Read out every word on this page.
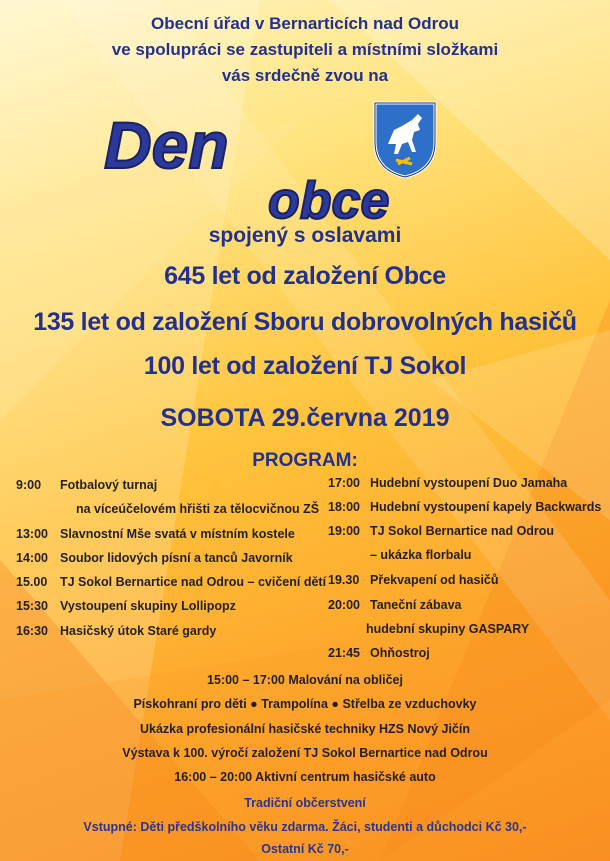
Obecní úřad v Bernarticích nad Odrou
ve spolupráci se zastupiteli a místními složkami
vás srdečně zvou na
Den
obce
spojený s oslavami
645 let od založení Obce
135 let od založení Sboru dobrovolných hasičů
100 let od založení TJ Sokol
SOBOTA 29.června 2019
PROGRAM:
9:00 Fotbalový turnaj
na víceúčelovém hřišti za tělocvičnou ZŠ
13:00 Slavnostní Mše svatá v místním kostele
14:00 Soubor lidových písní a tanců Javorník
15.00 TJ Sokol Bernartice nad Odrou – cvičení dětí
15:30 Vystoupení skupiny Lollipopz
16:30 Hasičský útok Staré gardy
17:00 Hudební vystoupení Duo Jamaha
18:00 Hudební vystoupení kapely Backwards
19:00 TJ Sokol Bernartice nad Odrou
– ukázka florbalu
19.30 Překvapení od hasičů
20:00 Taneční zábava
hudební skupiny GASPARY
21:45 Ohňostroj
15:00 – 17:00 Malování na obličej
Pískohraní pro děti ● Trampolína ● Střelba ze vzduchovky
Ukázka profesionální hasičské techniky HZS Nový Jičín
Výstava k 100. výročí založení TJ Sokol Bernartice nad Odrou
16:00 – 20:00 Aktivní centrum hasičské auto
Tradiční občerstvení
Vstupné: Děti předškolního věku zdarma. Žáci, studenti a důchodci Kč 30,-
Ostatní Kč 70,-
